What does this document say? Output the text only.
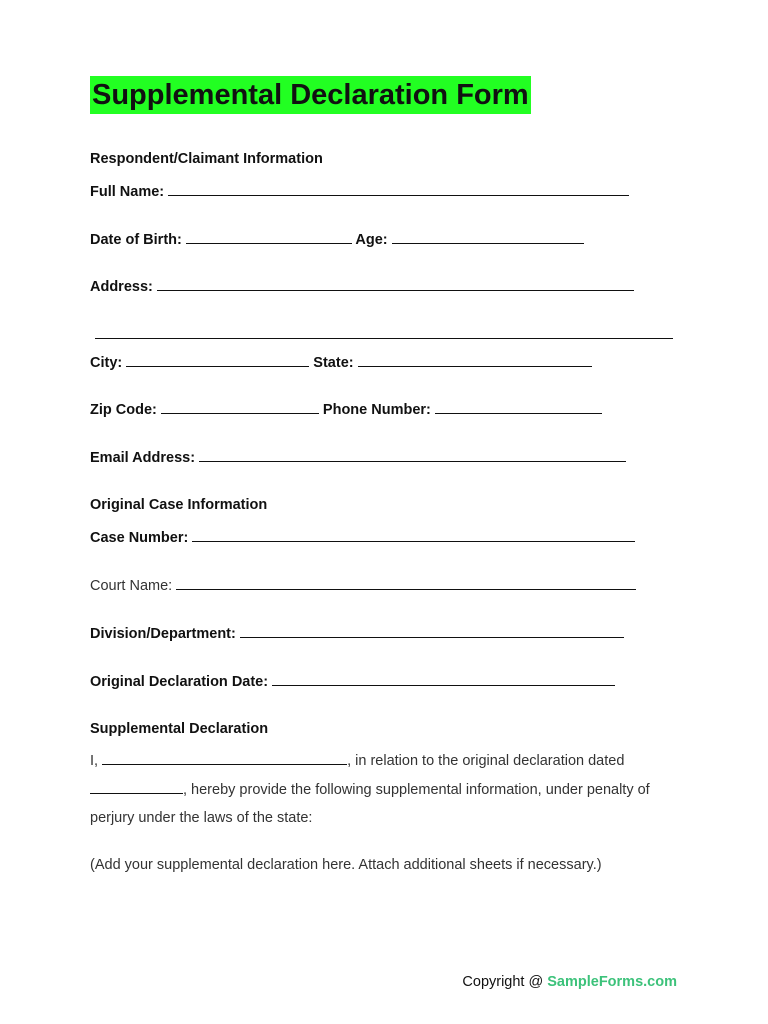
Supplemental Declaration Form
Respondent/Claimant Information
Full Name:
Date of Birth:	Age:
Address:
City:	State:
Zip Code:	Phone Number:
Email Address:
Original Case Information
Case Number:
Court Name:
Division/Department:
Original Declaration Date:
Supplemental Declaration
I,	, in relation to the original declaration dated
, hereby provide the following supplemental information, under penalty of
perjury under the laws of the state:
(Add your supplemental declaration here. Attach additional sheets if necessary.)
Copyright @ SampleForms.com
